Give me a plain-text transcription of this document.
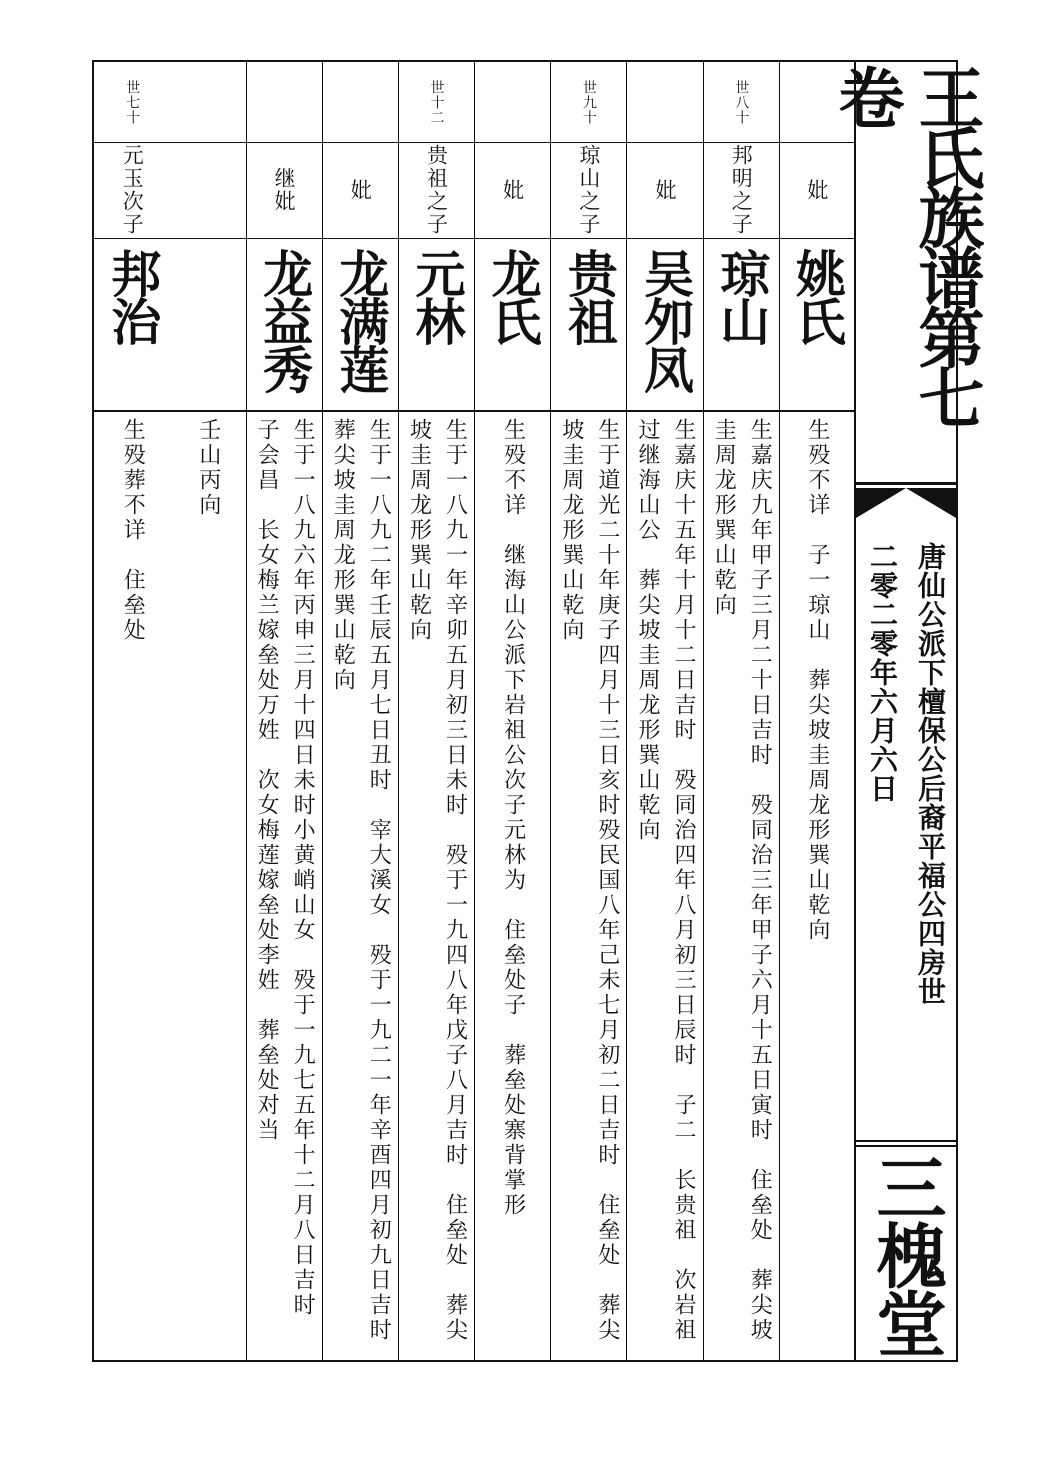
妣
姚氏
生殁不详　子一琼山　葬尖坡圭周龙形巽山乾向
世八十
邦明之子
琼山
生嘉庆九年甲子三月二十日吉时　殁同治三年甲子六月十五日寅时　住垒处　葬尖坡圭周龙形巽山乾向
妣
吴夘凤
生嘉庆十五年十月十二日吉时　殁同治四年八月初三日辰时　子二　长贵祖　次岩祖　过继海山公　葬尖坡圭周龙形巽山乾向
世九十
琼山之子
贵祖
生于道光二十年庚子四月十三日亥时殁民国八年己未七月初二日吉时　住垒处　葬尖坡圭周龙形巽山乾向
妣
龙氏
生殁不详　继海山公派下岩祖公次子元林为　住垒处子　葬垒处寨背掌形
世十二
贵祖之子
元林
生于一八九一年辛卯五月初三日未时　殁于一九四八年戊子八月吉时　住垒处　葬尖坡圭周龙形巽山乾向
妣
龙满莲
生于一八九二年壬辰五月七日丑时　宰大溪女　殁于一九二一年辛酉四月初九日吉时　葬尖坡圭周龙形巽山乾向
继妣
龙益秀
生于一八九六年丙申三月十四日未时小黄峭山女　殁于一九七五年十二月八日吉时　子会昌　长女梅兰嫁垒处万姓　次女梅莲嫁垒处李姓　葬垒处对当
壬山丙向
世七十
元玉次子
邦治
生殁葬不详　住垒处
王氏族谱第七卷
唐仙公派下檀保公后裔平福公四房世
二零二零年六月六日
三槐堂
